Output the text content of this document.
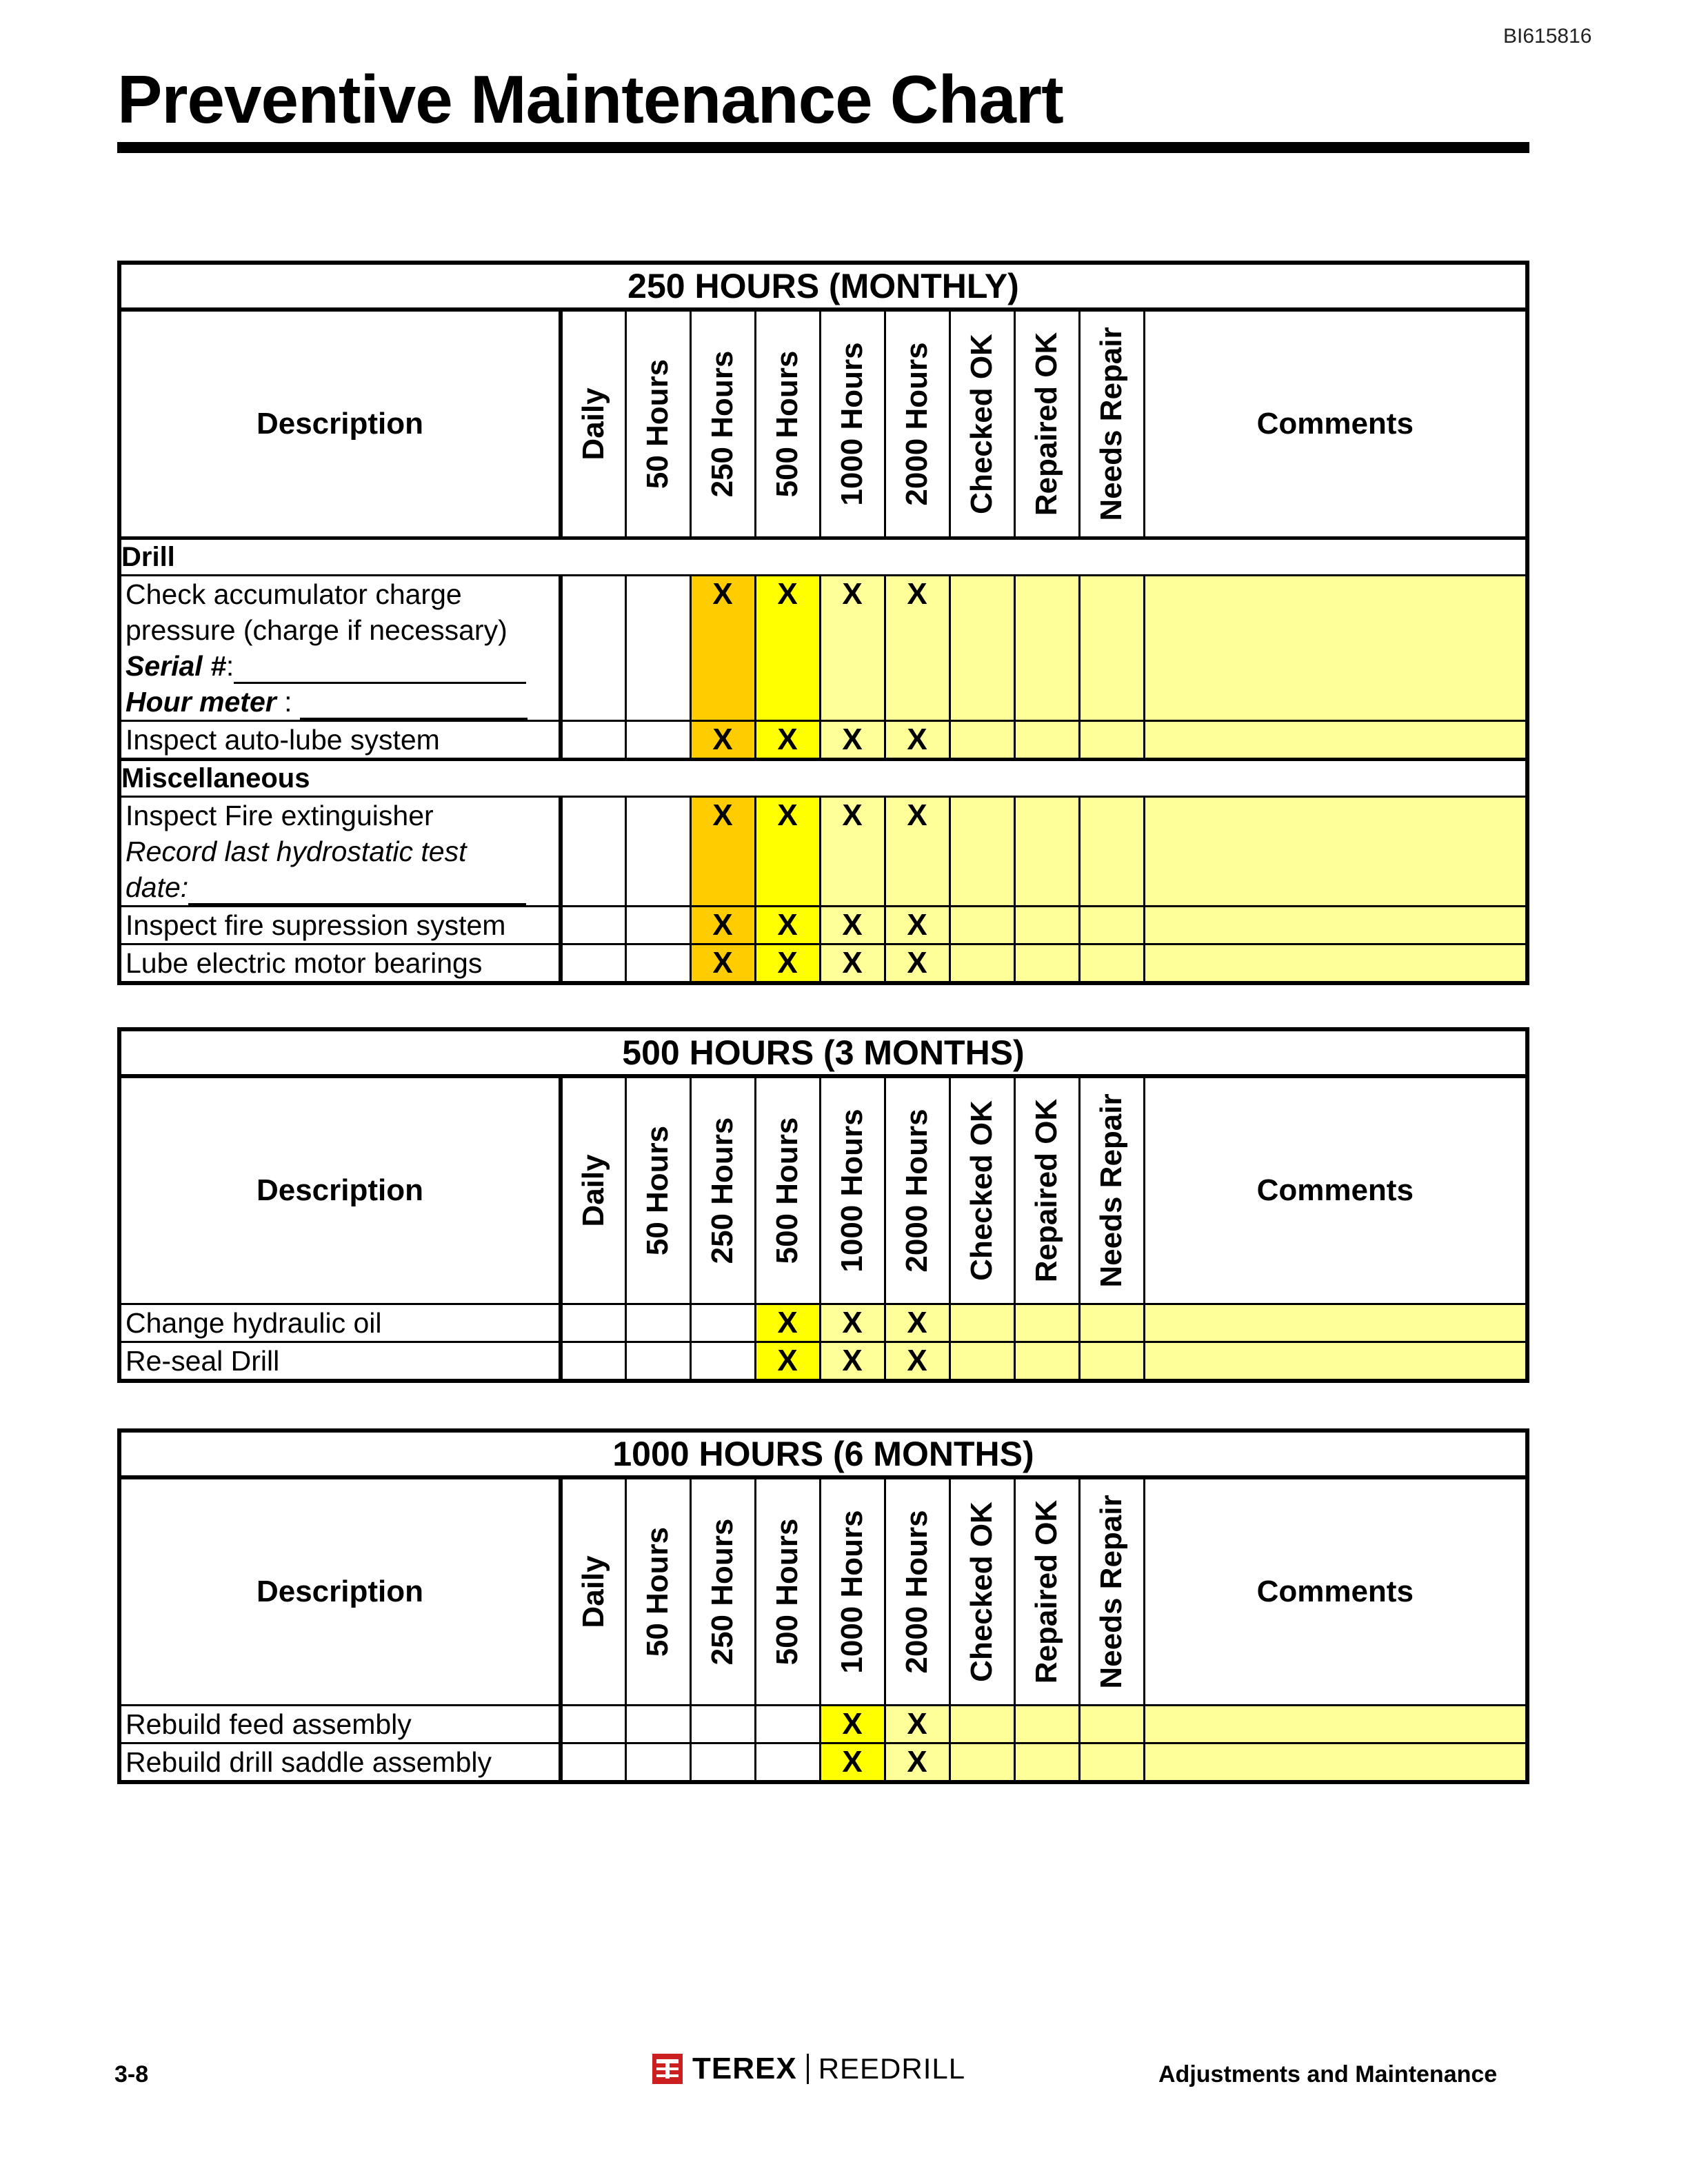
BI615816
Preventive Maintenance Chart
250 HOURS (MONTHLY)										
Description	Daily	50 Hours	250 Hours	500 Hours	1000 Hours	2000 Hours	Checked OK	Repaired OK	Needs Repair	Comments
Drill										

Check accumulator charge
pressure (charge if necessary)
Serial #:
Hour meter :			X	X	X	X				
Inspect auto-lube system			X	X	X	X				
Miscellaneous										

Inspect Fire extinguisher
Record last hydrostatic test
date:			X	X	X	X				
Inspect fire supression system			X	X	X	X				
Lube electric motor bearings			X	X	X	X				
500 HOURS (3 MONTHS)										
Description	Daily	50 Hours	250 Hours	500 Hours	1000 Hours	2000 Hours	Checked OK	Repaired OK	Needs Repair	Comments
Change hydraulic oil				X	X	X				
Re-seal Drill				X	X	X				
1000 HOURS (6 MONTHS)										
Description	Daily	50 Hours	250 Hours	500 Hours	1000 Hours	2000 Hours	Checked OK	Repaired OK	Needs Repair	Comments
Rebuild feed assembly					X	X				
Rebuild drill saddle assembly					X	X				
3-8	TEREX REEDRILL	Adjustments and Maintenance
